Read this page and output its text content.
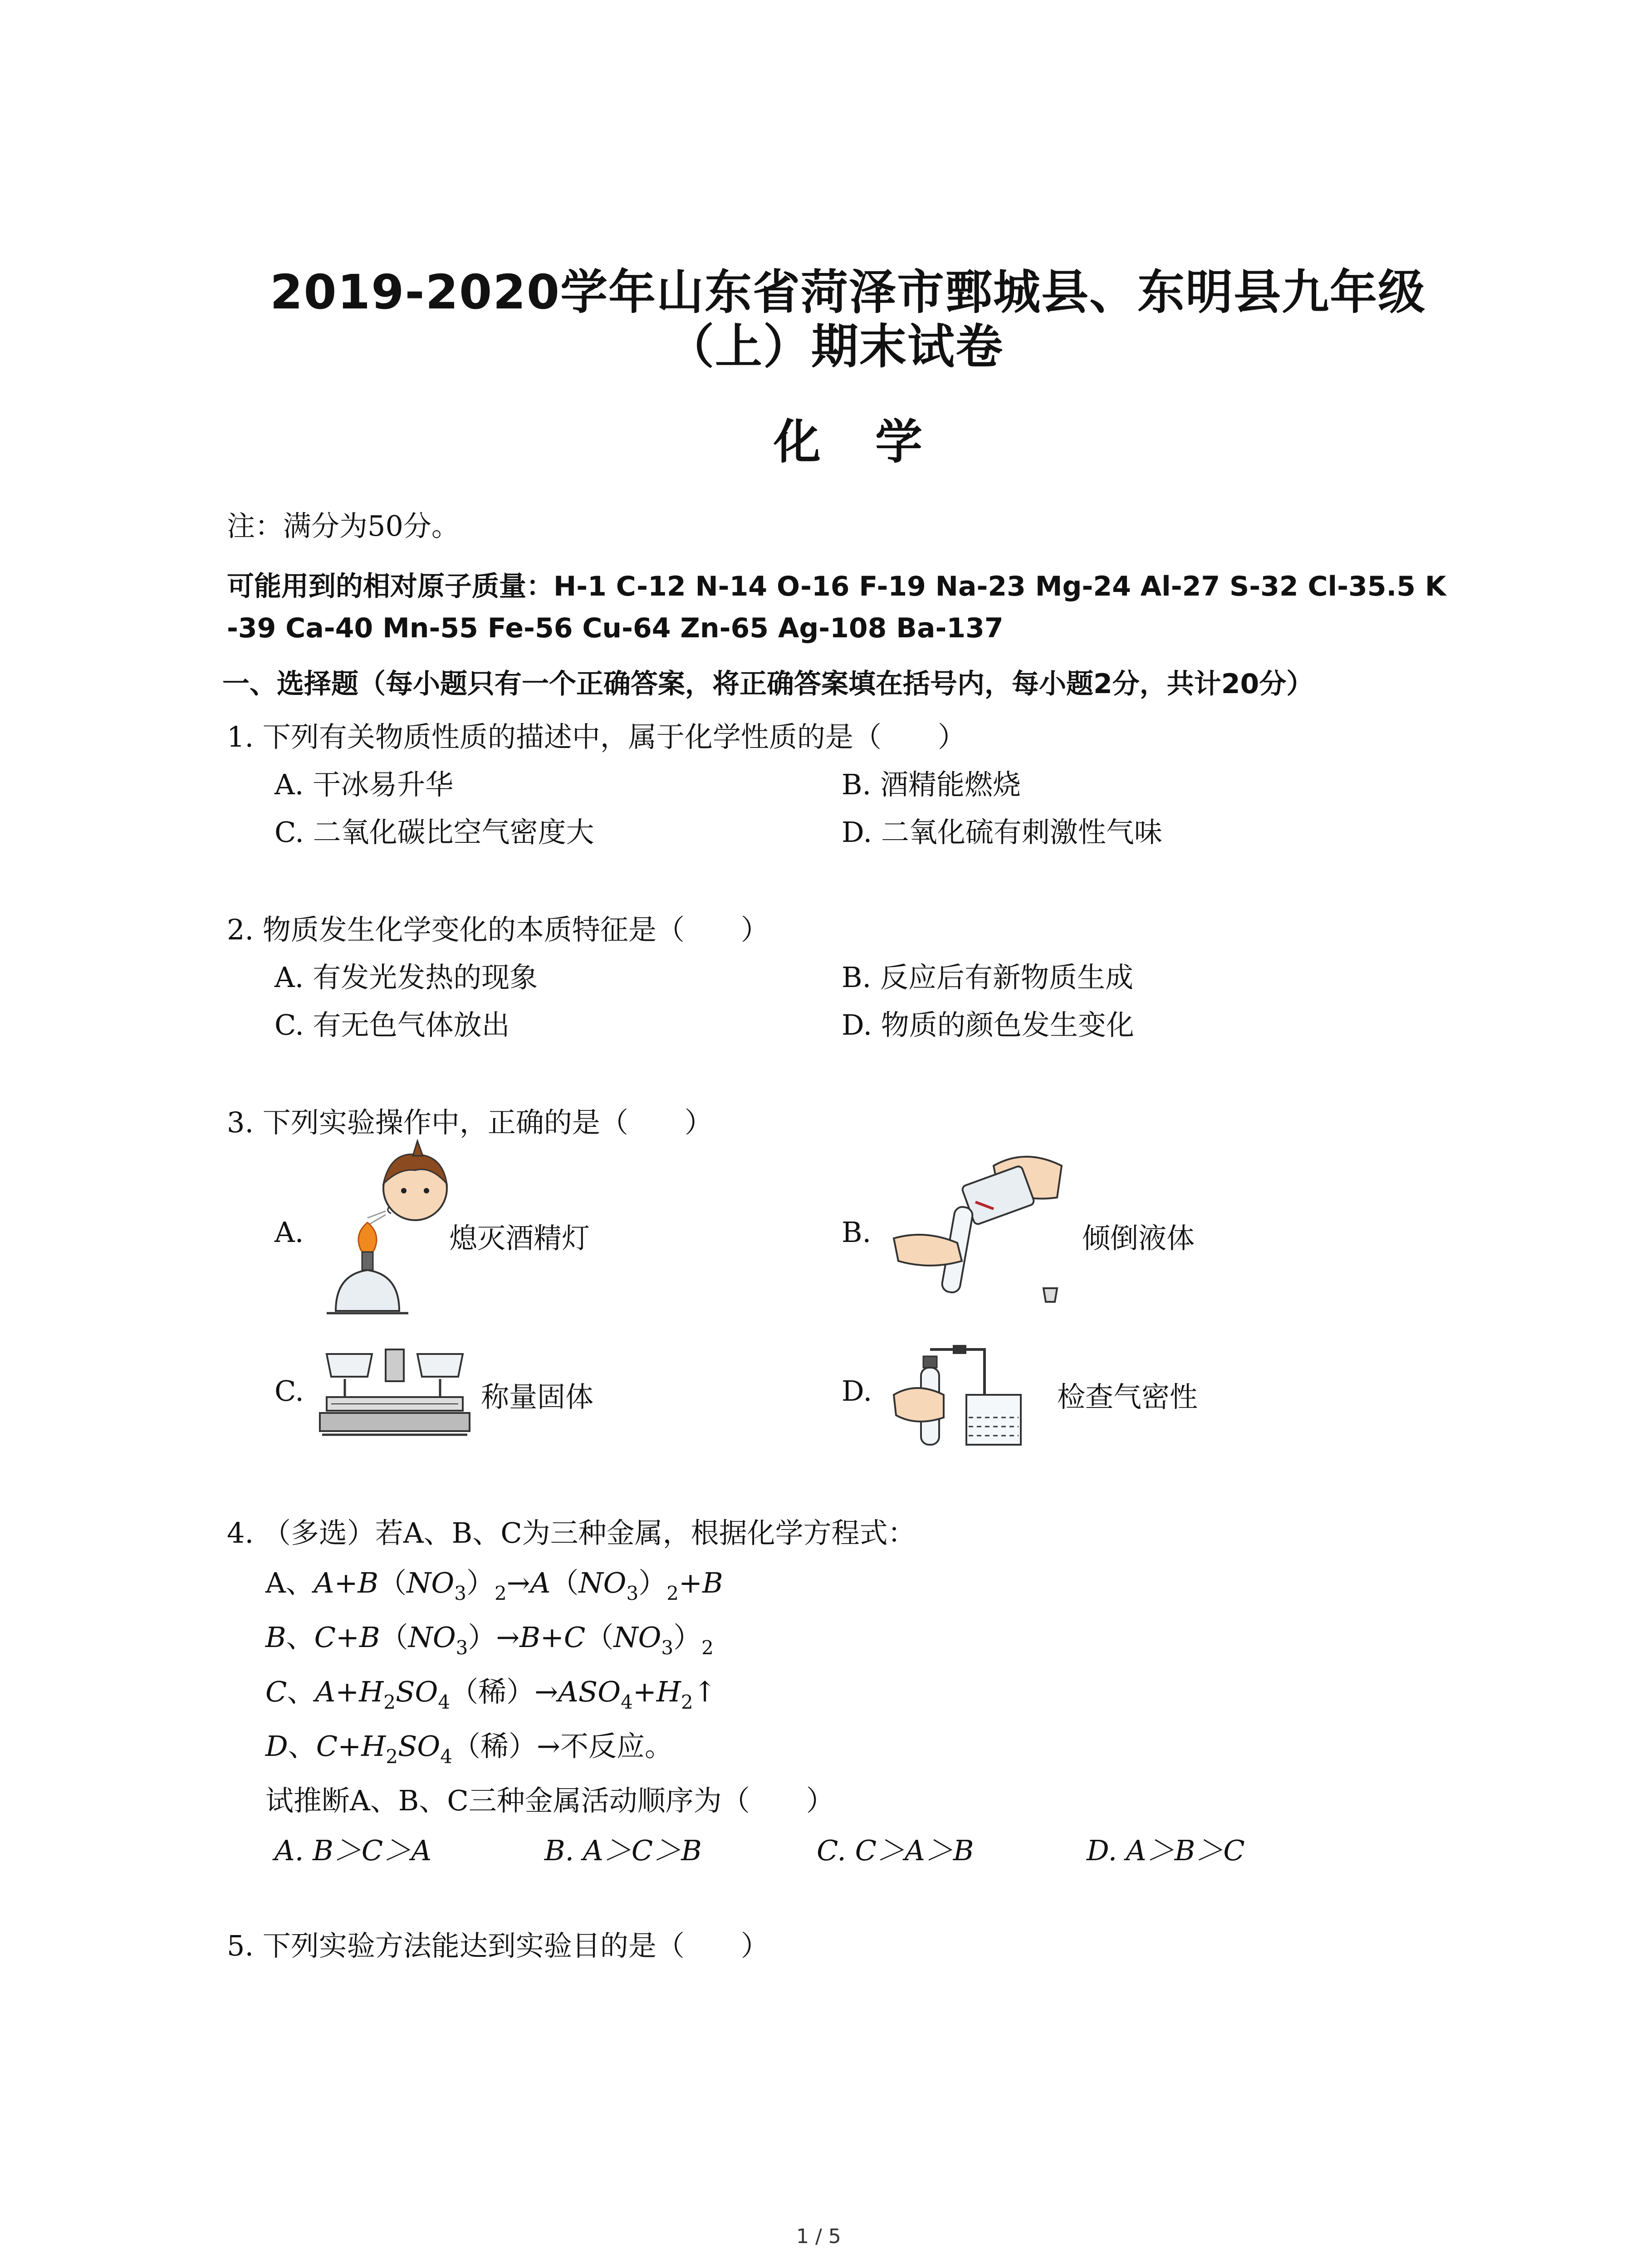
2019-2020学年山东省菏泽市鄄城县、东明县九年级
（上）期末试卷
化学
注：满分为50分。
可能用到的相对原子质量：H-1 C-12 N-14 O-16 F-19 Na-23 Mg-24 Al-27 S-32 Cl-35.5 K
-39 Ca-40 Mn-55 Fe-56 Cu-64 Zn-65 Ag-108 Ba-137
一、选择题（每小题只有一个正确答案，将正确答案填在括号内，每小题2分，共计20分）
1. 下列有关物质性质的描述中，属于化学性质的是（　　）
A. 干冰易升华	B. 酒精能燃烧
C. 二氧化碳比空气密度大	D. 二氧化硫有刺激性气味
2. 物质发生化学变化的本质特征是（　　）
A. 有发光发热的现象	B. 反应后有新物质生成
C. 有无色气体放出	D. 物质的颜色发生变化
3. 下列实验操作中，正确的是（　　）
A.	熄灭酒精灯	B.	倾倒液体
C.	称量固体	D.	检查气密性
4. （多选）若A、B、C为三种金属，根据化学方程式：
A、$A+B(NO_3)_2\to A(NO_3)_2+B$
B、$C+B(NO_3)\to B+C(NO_3)_2$
C、$A+H_2SO_4$（稀）$\to ASO_4+H_2↑$
D、$C+H_2SO_4$（稀）→不反应。
试推断A、B、C三种金属活动顺序为（　　）
A. B＞C＞A	B. A＞C＞B	C. C＞A＞B	D. A＞B＞C
5. 下列实验方法能达到实验目的是（　　）
1 / 5
